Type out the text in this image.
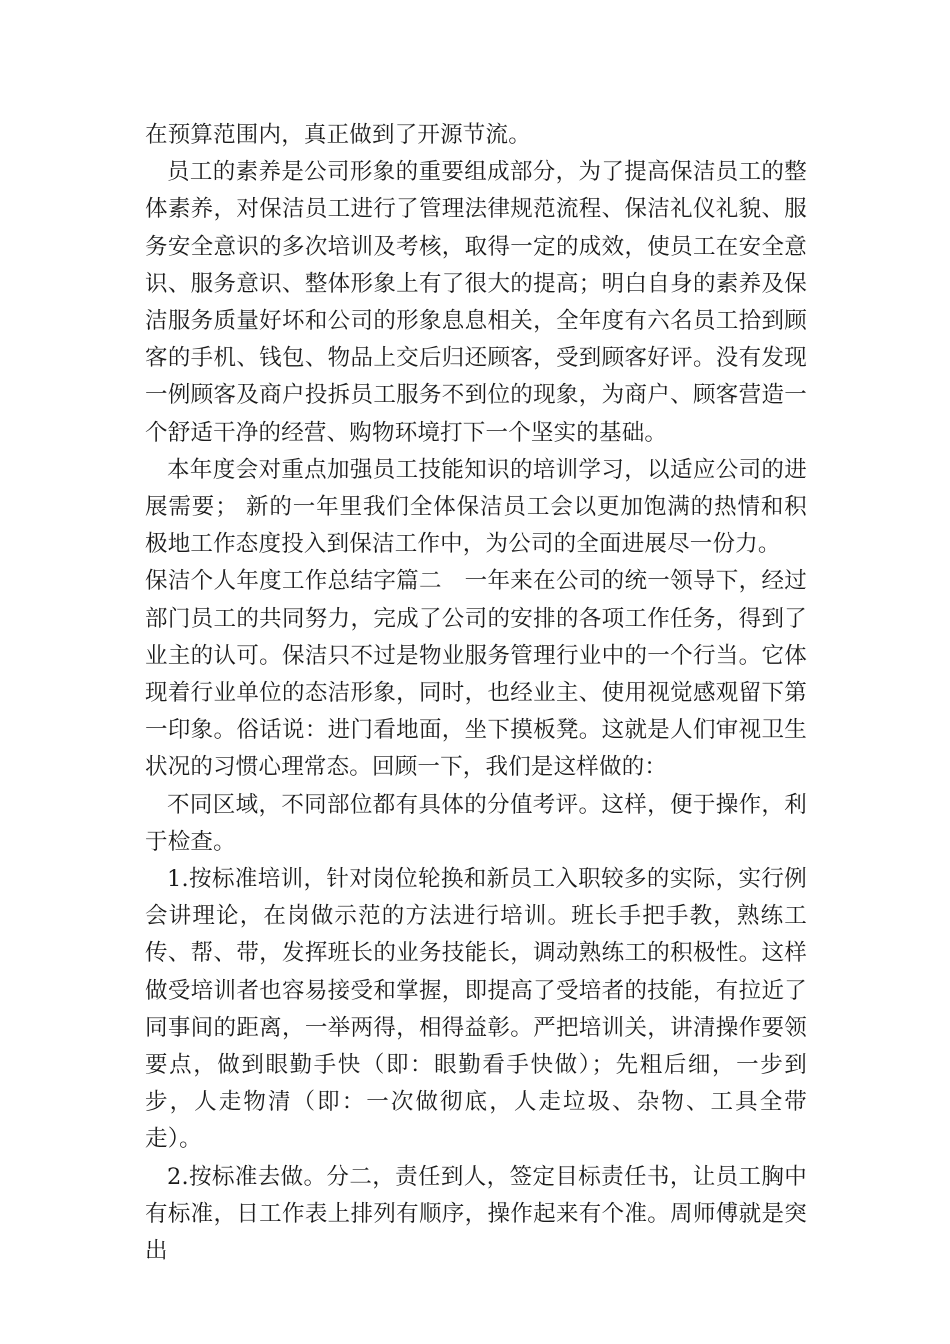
在预算范围内，真正做到了开源节流。

员工的素养是公司形象的重要组成部分，为了提高保洁员工的整体素养，对保洁员工进行了管理法律规范流程、保洁礼仪礼貌、服务安全意识的多次培训及考核，取得一定的成效，使员工在安全意识、服务意识、整体形象上有了很大的提高；明白自身的素养及保洁服务质量好坏和公司的形象息息相关，全年度有六名员工拾到顾客的手机、钱包、物品上交后归还顾客，受到顾客好评。没有发现一例顾客及商户投拆员工服务不到位的现象，为商户、顾客营造一个舒适干净的经营、购物环境打下一个坚实的基础。

本年度会对重点加强员工技能知识的培训学习，以适应公司的进展需要； 新的一年里我们全体保洁员工会以更加饱满的热情和积极地工作态度投入到保洁工作中，为公司的全面进展尽一份力。

保洁个人年度工作总结字篇二　一年来在公司的统一领导下，经过部门员工的共同努力，完成了公司的安排的各项工作任务，得到了业主的认可。保洁只不过是物业服务管理行业中的一个行当。它体现着行业单位的态洁形象，同时，也经业主、使用视觉感观留下第一印象。俗话说：进门看地面，坐下摸板凳。这就是人们审视卫生状况的习惯心理常态。回顾一下，我们是这样做的：

不同区域，不同部位都有具体的分值考评。这样，便于操作，利于检查。

1.按标准培训，针对岗位轮换和新员工入职较多的实际，实行例会讲理论，在岗做示范的方法进行培训。班长手把手教，熟练工传、帮、带，发挥班长的业务技能长，调动熟练工的积极性。这样做受培训者也容易接受和掌握，即提高了受培者的技能，有拉近了同事间的距离，一举两得，相得益彰。严把培训关，讲清操作要领要点，做到眼勤手快（即：眼勤看手快做）；先粗后细，一步到步，人走物清（即：一次做彻底，人走垃圾、杂物、工具全带走）。

2.按标准去做。分二，责任到人，签定目标责任书，让员工胸中有标准，日工作表上排列有顺序，操作起来有个准。周师傅就是突出
